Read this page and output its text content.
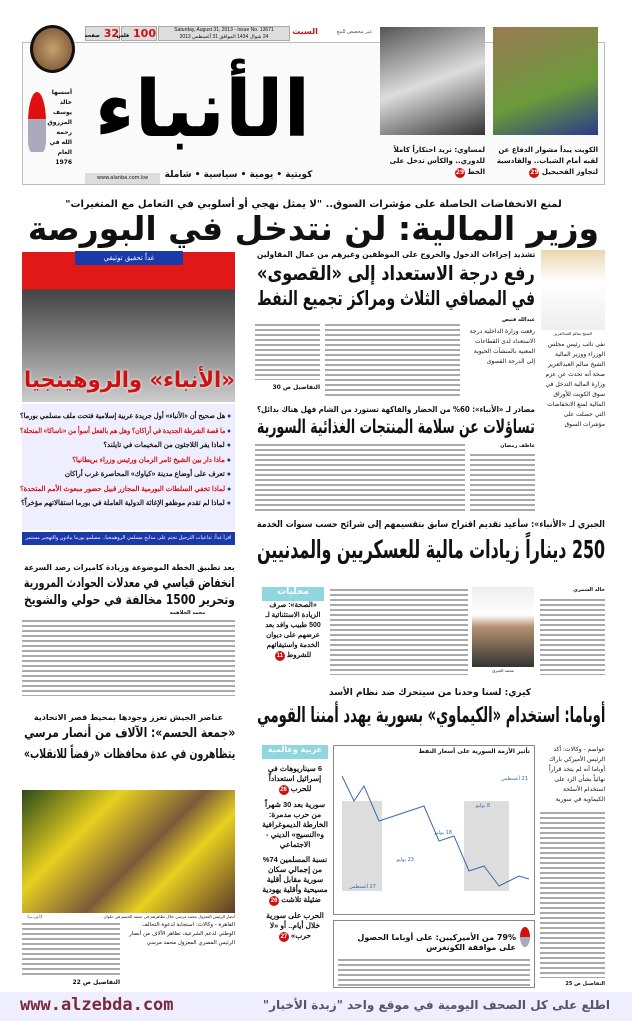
32 صفحة	100 فلس
Saturday, August 31, 2013 - Issue No. 13671
24 شوال 1434 الموافق 31 أغسطس 2013
السبت	غير مخصص للبيع
أسسها خالد يوسف المرزوق رحمه الله في العام 1976
الأنباء
www.alanba.com.kw	كويتية • يومية • سياسية • شاملة
الكويت يبدأ مشوار الدفاع عن لقبه أمام الشباب.. والقادسية لتجاوز الفحيحيل 29
لمساوي: نريد احتكاراً كاملاً للدوري.. والكأس تدخل على الخط 29
لمنع الانخفاضات الحاصلة على مؤشرات السوق.. "لا يمثل نهجي أو أسلوبي في التعامل مع المتغيرات"
وزير المالية: لن نتدخل في البورصة
الشيخ سالم العبدالعزيز
نفى نائب رئيس مجلس الوزراء ووزير المالية الشيخ سالم العبدالعزيز صحة أنه تحدث عن عزم وزارة المالية التدخل في سوق الكويت للأوراق المالية لمنع الانخفاضات التي حصلت على مؤشرات السوق
تشديد إجراءات الدخول والخروج على الموظفين وغيرهم من عمال المقاولين
رفع درجة الاستعداد إلى «القصوى»
في المصافي الثلاث ومراكز تجميع النفط
عبدالله قنيص
رفعت وزارة الداخلية درجة الاستعداد لدى القطاعات المعنية بالمنشآت الحيوية إلى الدرجة القصوى
التفاصيل ص 30
غداً تحقيق توثيقي
«الأنباء» والروهينجيا
● هل صحيح أن «الأنباء» أول جريدة عربية إسلامية فتحت ملف مسلمي بورما؟
● ما قصة الشرطة الجديدة في أراكان؟ وهل هم بالفعل أسوأ من «ناساكا» المنحلة؟
● لماذا يفر اللاجئون من المخيمات في تايلند؟
● ماذا دار بين الشيخ ثامر الزمان ورئيس وزراء بريطانيا؟
● تعرف على أوضاع مدينة «كياوك» المحاصرة غرب أراكان
● لماذا تخفي السلطات البورمية المجازر قبيل حضور مبعوث الأمم المتحدة؟
● لماذا لم تقدم موظفو الإغاثة الدولية العاملة في بورما استقالاتهم مؤخراً؟
اقرأ غداً: تداعيات الترحيل تحتم على مذابح مسلمي الروهينجيا.. مسلمو بورما يبادون والتهجير مستمر
مصادر لـ «الأنباء»: 60% من الخضار والفاكهة تستورد من الشام فهل هناك بدائل؟
تساؤلات عن سلامة المنتجات الغذائية السورية
عاطف رمضان
الجبري لـ «الأنباء»: سأعيد تقديم اقتراح سابق بتقسيمهم إلى شرائح حسب سنوات الخدمة
250 ديناراً زيادات مالية للعسكريين والمدنيين
خالد الشمري
محمد الجبري
محليات
«الصحة»: صرف الزيادة الاستثنائية لـ 500 طبيب وافد بعد عرضهم على ديوان الخدمة واستيفائهم للشروط 11
بعد تطبيق الخطة الموضوعة وزيادة كاميرات رصد السرعة
انخفاض قياسي في معدلات الحوادث المرورية
وتحرير 1500 مخالفة في حولي والشويخ
محمد الجلاهمة
عناصر الجيش تعزز وجودها بمحيط قصر الاتحادية
«جمعة الحسم»: الآلاف من أنصار مرسي
يتظاهرون في عدة محافظات «رفضاً للانقلاب»
أنصار الرئيس المعزول محمد مرسي خلال تظاهرهم في جمعة الحسم في حلوان
(أ.ف.ب)
القاهرة - وكالات: استجابة لدعوة التحالف الوطني لدعم الشرعية، تظاهر الآلاف من أنصار الرئيس المصري المعزول محمد مرسي
التفاصيل ص 22
كيري: لسنا وحدنا من سيتحرك ضد نظام الأسد
أوباما: استخدام «الكيماوي» بسورية يهدد أمننا القومي
عواصم - وكالات: أكد الرئيس الأميركي باراك أوباما أنه لم يتخذ قراراً نهائياً بشأن الرد على استخدام الأسلحة الكيماوية في سورية
التفاصيل ص 25
تأثير الأزمة السورية على أسعار النفط
21 أغسطس
8 يوليو
18 يوليو
23 يوليو
27 أغسطس
79% من الأميركيين: على أوباما الحصول على موافقة الكونغرس
عربية وعالمية
6 سيناريوهات في إسرائيل استعداداً للحرب 26
سورية بعد 30 شهراً من حرب مدمرة: الخارطة الديموغرافية و«النسيج» الديني - الاجتماعي
نسبة المسلمين 74% من إجمالي سكان سورية مقابل أقلية مسيحية وأقلية يهودية ضئيلة تلاشت 26
الحرب على سورية خلال أيام.. أو «لا حرب» 27
www.alzebda.com	اطلع على كل الصحف اليومية في موقع واحد "زبدة الأخبار"
